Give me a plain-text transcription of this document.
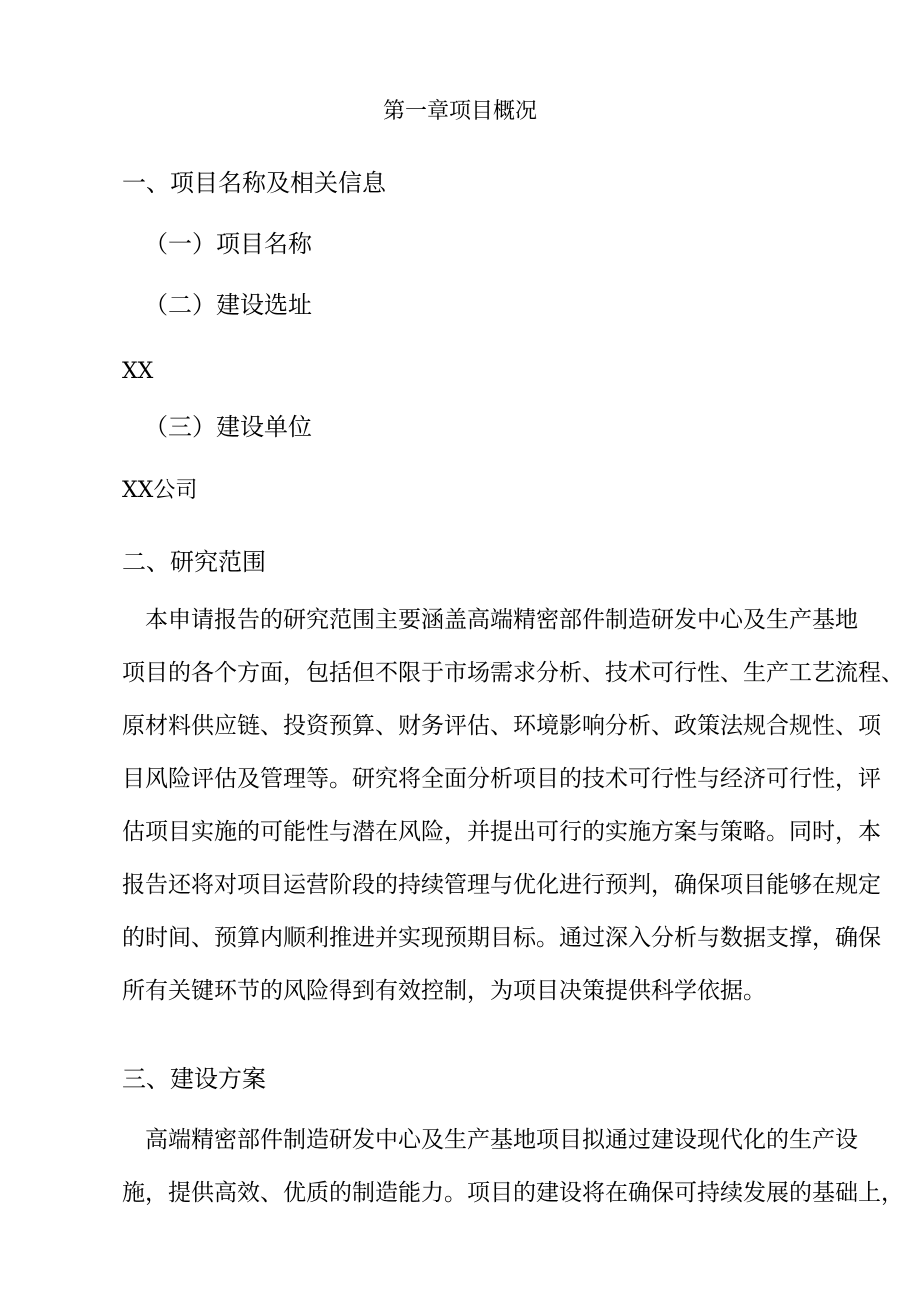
第一章项目概况
一、项目名称及相关信息
（一）项目名称
（二）建设选址

XX

（三）建设单位

XX公司

二、研究范围

　本申请报告的研究范围主要涵盖高端精密部件制造研发中心及生产基地

项目的各个方面，包括但不限于市场需求分析、技术可行性、生产工艺流程、

原材料供应链、投资预算、财务评估、环境影响分析、政策法规合规性、项

目风险评估及管理等。研究将全面分析项目的技术可行性与经济可行性，评

估项目实施的可能性与潜在风险，并提出可行的实施方案与策略。同时，本

报告还将对项目运营阶段的持续管理与优化进行预判，确保项目能够在规定

的时间、预算内顺利推进并实现预期目标。通过深入分析与数据支撑，确保

所有关键环节的风险得到有效控制，为项目决策提供科学依据。

三、建设方案

　高端精密部件制造研发中心及生产基地项目拟通过建设现代化的生产设

施，提供高效、优质的制造能力。项目的建设将在确保可持续发展的基础上，
